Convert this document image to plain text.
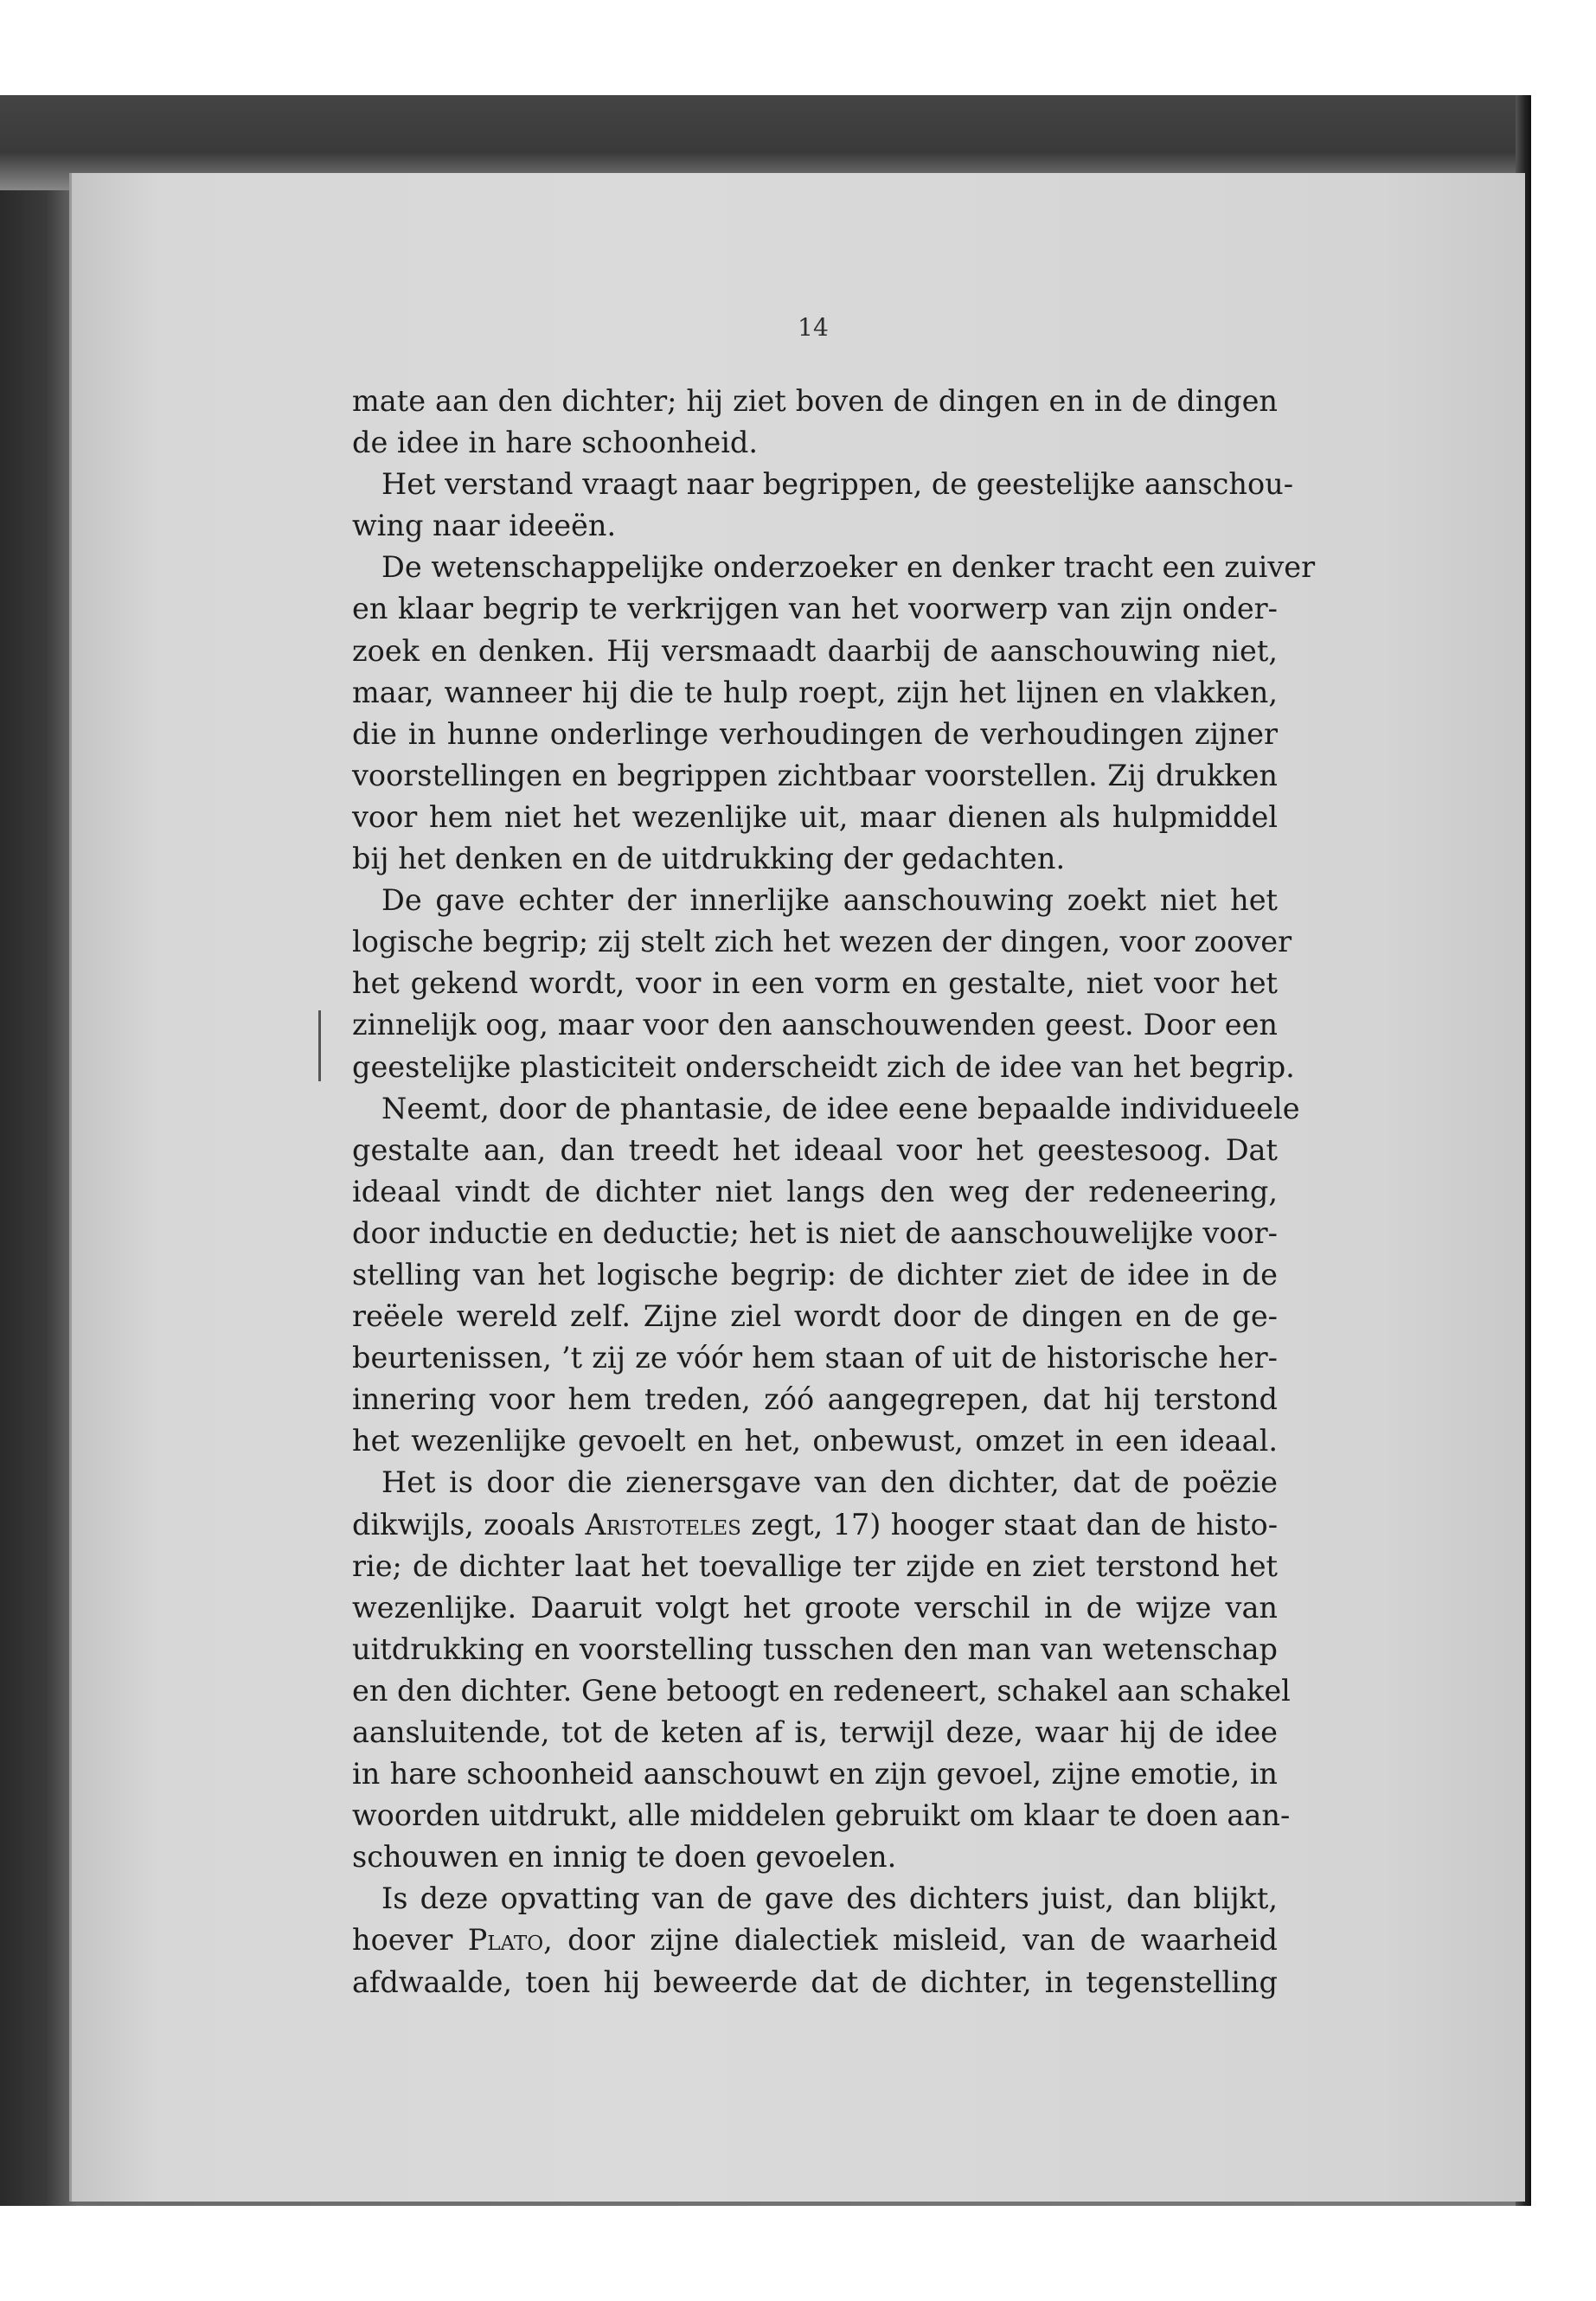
14
mate aan den dichter; hij ziet boven de dingen en in de dingen
de idee in hare schoonheid.
Het verstand vraagt naar begrippen, de geestelijke aanschou-
wing naar ideeën.
De wetenschappelijke onderzoeker en denker tracht een zuiver
en klaar begrip te verkrijgen van het voorwerp van zijn onder-
zoek en denken. Hij versmaadt daarbij de aanschouwing niet,
maar, wanneer hij die te hulp roept, zijn het lijnen en vlakken,
die in hunne onderlinge verhoudingen de verhoudingen zijner
voorstellingen en begrippen zichtbaar voorstellen. Zij drukken
voor hem niet het wezenlijke uit, maar dienen als hulpmiddel
bij het denken en de uitdrukking der gedachten.
De gave echter der innerlijke aanschouwing zoekt niet het
logische begrip; zij stelt zich het wezen der dingen, voor zoover
het gekend wordt, voor in een vorm en gestalte, niet voor het
zinnelijk oog, maar voor den aanschouwenden geest. Door een
geestelijke plasticiteit onderscheidt zich de idee van het begrip.
Neemt, door de phantasie, de idee eene bepaalde individueele
gestalte aan, dan treedt het ideaal voor het geestesoog. Dat
ideaal vindt de dichter niet langs den weg der redeneering,
door inductie en deductie; het is niet de aanschouwelijke voor-
stelling van het logische begrip: de dichter ziet de idee in de
reëele wereld zelf. Zijne ziel wordt door de dingen en de ge-
beurtenissen, ’t zij ze vóór hem staan of uit de historische her-
innering voor hem treden, zóó aangegrepen, dat hij terstond
het wezenlijke gevoelt en het, onbewust, omzet in een ideaal.
Het is door die zienersgave van den dichter, dat de poëzie
dikwijls, zooals Aristoteles zegt, 17) hooger staat dan de histo-
rie; de dichter laat het toevallige ter zijde en ziet terstond het
wezenlijke. Daaruit volgt het groote verschil in de wijze van
uitdrukking en voorstelling tusschen den man van wetenschap
en den dichter. Gene betoogt en redeneert, schakel aan schakel
aansluitende, tot de keten af is, terwijl deze, waar hij de idee
in hare schoonheid aanschouwt en zijn gevoel, zijne emotie, in
woorden uitdrukt, alle middelen gebruikt om klaar te doen aan-
schouwen en innig te doen gevoelen.
Is deze opvatting van de gave des dichters juist, dan blijkt,
hoever Plato, door zijne dialectiek misleid, van de waarheid
afdwaalde, toen hij beweerde dat de dichter, in tegenstelling
